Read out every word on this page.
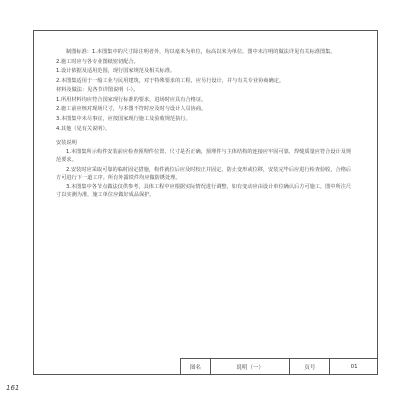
制图标准：1.本图集中的尺寸除注明者外，均以毫米为单位，标高以米为单位。图中未注明的做法详见有关标准图集。

2.施工时应与各专业图纸密切配合。

1.设计依据及适用范围，现行国家规范及相关标准。

2.本图集适用于一般工业与民用建筑，对于特殊要求的工程，应另行设计，并与有关专业协商确定。

材料及做法：见各节详图说明（-）。

1.所用材料均应符合国家现行标准的要求，进场时应具有合格证。

2.施工前应核对现场尺寸，与本图不符时应及时与设计人员协商。

3.本图集中未尽事宜，应按国家现行施工及验收规范执行。

4.其他（见有关说明）。

安装说明

1.本图集所示构件安装前应检查预埋件位置、尺寸是否正确，预埋件与主体结构的连接应牢固可靠，焊缝质量应符合设计及规范要求。

2.安装时应采取可靠的临时固定措施，构件就位后应及时校正并固定，防止变形或位移，安装完毕后应进行检查验收，合格后方可进行下一道工序。所有外露铁件均应做防锈处理。

3.本图集中各节点做法仅供参考，具体工程中应根据实际情况进行调整，如有变动应由设计单位确认后方可施工，图中所注尺寸以实测为准，施工单位应做好成品保护。

图名	说明（一）	页号	01
161
